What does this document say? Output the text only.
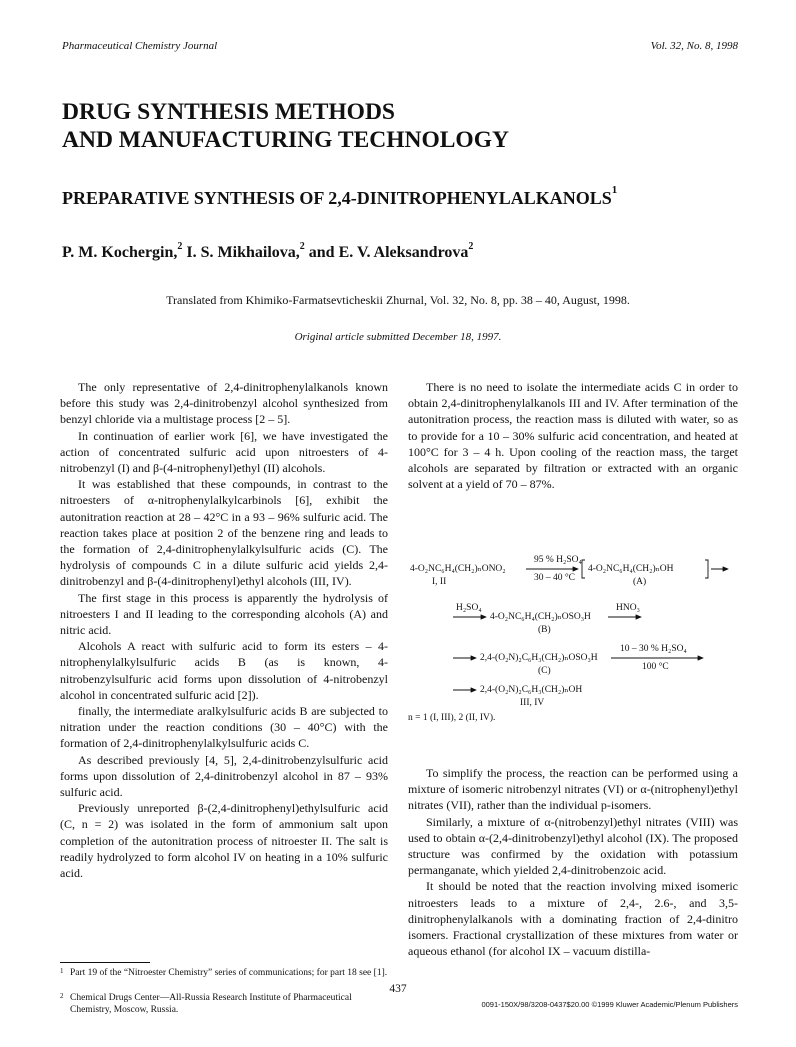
Pharmaceutical Chemistry Journal	Vol. 32, No. 8, 1998
DRUG SYNTHESIS METHODS
AND MANUFACTURING TECHNOLOGY
PREPARATIVE SYNTHESIS OF 2,4-DINITROPHENYLALKANOLS$^1$
P. M. Kochergin,$^2$ I. S. Mikhailova,$^2$ and E. V. Aleksandrova$^2$
Translated from Khimiko-Farmatsevticheskii Zhurnal, Vol. 32, No. 8, pp. 38 – 40, August, 1998.
Original article submitted December 18, 1997.

The only representative of 2,4-dinitrophenylalkanols known before this study was 2,4-dinitrobenzyl alcohol synthesized from benzyl chloride via a multistage process [2 – 5].

In continuation of earlier work [6], we have investigated the action of concentrated sulfuric acid upon nitroesters of 4-nitrobenzyl (I) and β-(4-nitrophenyl)ethyl (II) alcohols.

It was established that these compounds, in contrast to the nitroesters of α-nitrophenylalkylcarbinols [6], exhibit the autonitration reaction at 28 – 42°C in a 93 – 96% sulfuric acid. The reaction takes place at position 2 of the benzene ring and leads to the formation of 2,4-dinitrophenylalkylsulfuric acids (C). The hydrolysis of compounds C in a dilute sulfuric acid yields 2,4-dinitrobenzyl and β-(4-dinitrophenyl)ethyl alcohols (III, IV).

The first stage in this process is apparently the hydrolysis of nitroesters I and II leading to the corresponding alcohols (A) and nitric acid.

Alcohols A react with sulfuric acid to form its esters – 4-nitrophenylalkylsulfuric acids B (as is known, 4- nitrobenzylsulfuric acid forms upon dissolution of 4-nitrobenzyl alcohol in concentrated sulfuric acid [2]).

finally, the intermediate aralkylsulfuric acids B are subjected to nitration under the reaction conditions (30 – 40°C) with the formation of 2,4-dinitrophenylalkylsulfuric acids C.

As described previously [4, 5], 2,4-dinitrobenzylsulfuric acid forms upon dissolution of 2,4-dinitrobenzyl alcohol in 87 – 93% sulfuric acid.

Previously unreported β-(2,4-dinitrophenyl)ethylsulfuric acid (C, n = 2) was isolated in the form of ammonium salt upon completion of the autonitration process of nitroester II. The salt is readily hydrolyzed to form alcohol IV on heating in a 10% sulfuric acid.

There is no need to isolate the intermediate acids C in order to obtain 2,4-dinitrophenylalkanols III and IV. After termination of the autonitration process, the reaction mass is diluted with water, so as to provide for a 10 – 30% sulfuric acid concentration, and heated at 100°C for 3 – 4 h. Upon cooling of the reaction mass, the target alcohols are separated by filtration or extracted with an organic solvent at a yield of 70 – 87%.

4-O₂NC₆H₄(CH₂)ₙONO₂
I, II
95 % H₂SO₄
30 – 40 °C
4-O₂NC₆H₄(CH₂)ₙOH
(A)
H₂SO₄
4-O₂NC₆H₄(CH₂)ₙOSO₃H
(B)
HNO₃
2,4-(O₂N)₂C₆H₃(CH₂)ₙOSO₃H
(C)
10 – 30 % H₂SO₄
100 °C
2,4-(O₂N)₂C₆H₃(CH₂)ₙOH
III, IV
n = 1 (I, III), 2 (II, IV).

To simplify the process, the reaction can be performed using a mixture of isomeric nitrobenzyl nitrates (VI) or α-(nitrophenyl)ethyl nitrates (VII), rather than the individual p-isomers.

Similarly, a mixture of α-(nitrobenzyl)ethyl nitrates (VIII) was used to obtain α-(2,4-dinitrobenzyl)ethyl alcohol (IX). The proposed structure was confirmed by the oxidation with potassium permanganate, which yielded 2,4-dinitrobenzoic acid.

It should be noted that the reaction involving mixed isomeric nitroesters leads to a mixture of 2,4-, 2.6-, and 3,5-dinitrophenylalkanols with a dominating fraction of 2,4-dinitro isomers. Fractional crystallization of these mixtures from water or aqueous ethanol (for alcohol IX – vacuum distilla-

1 Part 19 of the “Nitroester Chemistry” series of communications; for part 18 see [1].
2 Chemical Drugs Center—All-Russia Research Institute of Pharmaceutical Chemistry, Moscow, Russia.
437
0091-150X/98/3208-0437$20.00 ©1999 Kluwer Academic/Plenum Publishers
